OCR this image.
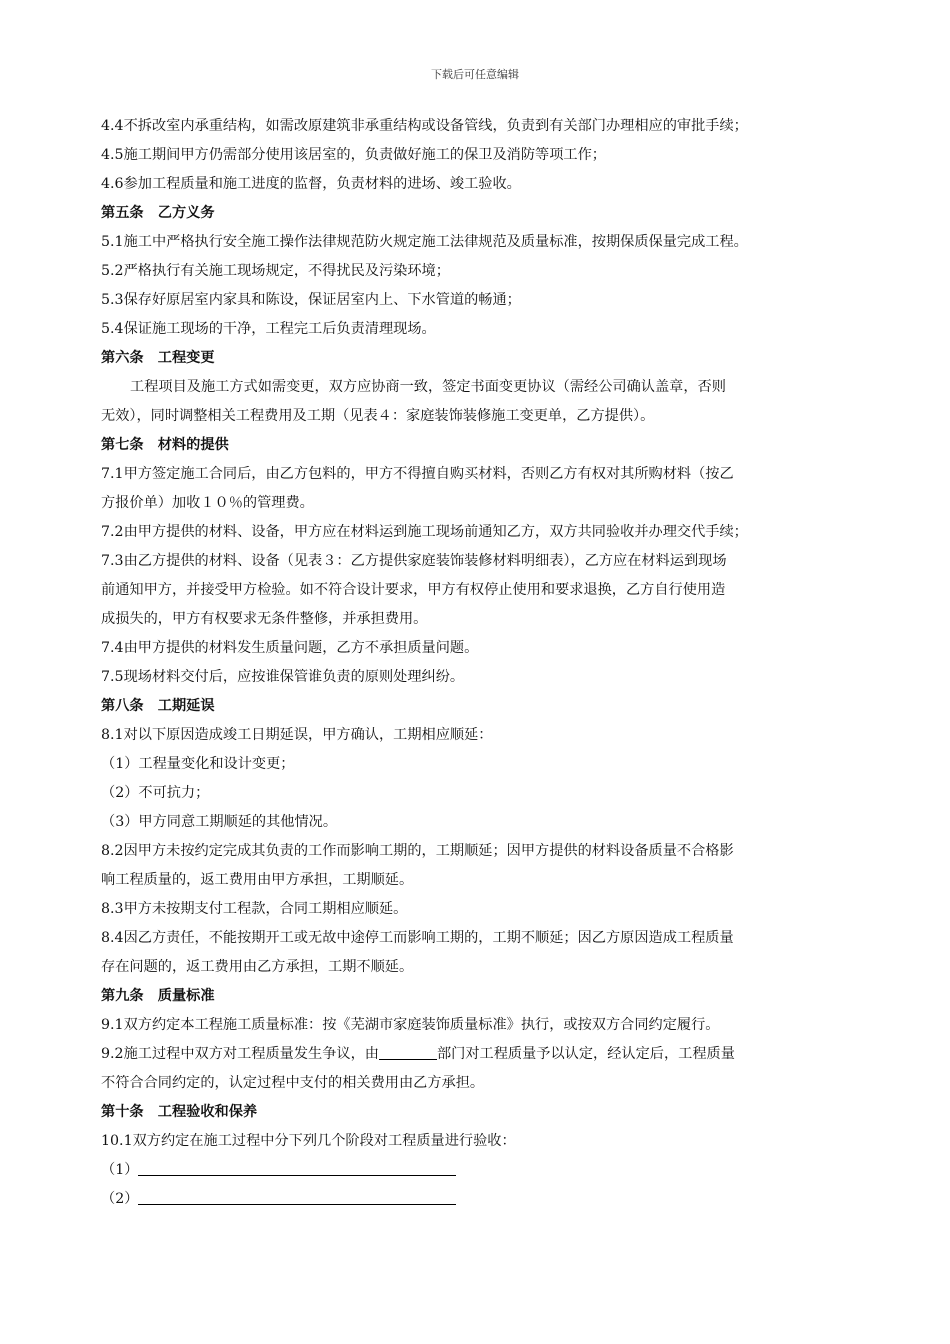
下载后可任意编辑
4.4不拆改室内承重结构，如需改原建筑非承重结构或设备管线，负责到有关部门办理相应的审批手续；
4.5施工期间甲方仍需部分使用该居室的，负责做好施工的保卫及消防等项工作；
4.6参加工程质量和施工进度的监督，负责材料的进场、竣工验收。
第五条　乙方义务
5.1施工中严格执行安全施工操作法律规范防火规定施工法律规范及质量标准，按期保质保量完成工程。
5.2严格执行有关施工现场规定，不得扰民及污染环境；
5.3保存好原居室内家具和陈设，保证居室内上、下水管道的畅通；
5.4保证施工现场的干净，工程完工后负责清理现场。
第六条　工程变更
工程项目及施工方式如需变更，双方应协商一致，签定书面变更协议（需经公司确认盖章，否则
无效），同时调整相关工程费用及工期（见表４：家庭装饰装修施工变更单，乙方提供）。
第七条　材料的提供
7.1甲方签定施工合同后，由乙方包料的，甲方不得擅自购买材料，否则乙方有权对其所购材料（按乙
方报价单）加收１０％的管理费。
7.2由甲方提供的材料、设备，甲方应在材料运到施工现场前通知乙方，双方共同验收并办理交代手续；
7.3由乙方提供的材料、设备（见表３：乙方提供家庭装饰装修材料明细表），乙方应在材料运到现场
前通知甲方，并接受甲方检验。如不符合设计要求，甲方有权停止使用和要求退换，乙方自行使用造
成损失的，甲方有权要求无条件整修，并承担费用。
7.4由甲方提供的材料发生质量问题，乙方不承担质量问题。
7.5现场材料交付后，应按谁保管谁负责的原则处理纠纷。
第八条　工期延误
8.1对以下原因造成竣工日期延误，甲方确认，工期相应顺延：
（1）工程量变化和设计变更；
（2）不可抗力；
（3）甲方同意工期顺延的其他情况。
8.2因甲方未按约定完成其负责的工作而影响工期的，工期顺延；因甲方提供的材料设备质量不合格影
响工程质量的，返工费用由甲方承担，工期顺延。
8.3甲方未按期支付工程款，合同工期相应顺延。
8.4因乙方责任，不能按期开工或无故中途停工而影响工期的，工期不顺延；因乙方原因造成工程质量
存在问题的，返工费用由乙方承担，工期不顺延。
第九条　质量标准
9.1双方约定本工程施工质量标准：按《芜湖市家庭装饰质量标准》执行，或按双方合同约定履行。
9.2施工过程中双方对工程质量发生争议，由	部门对工程质量予以认定，经认定后，工程质量
不符合合同约定的，认定过程中支付的相关费用由乙方承担。
第十条　工程验收和保养
10.1双方约定在施工过程中分下列几个阶段对工程质量进行验收：
（1）
（2）
